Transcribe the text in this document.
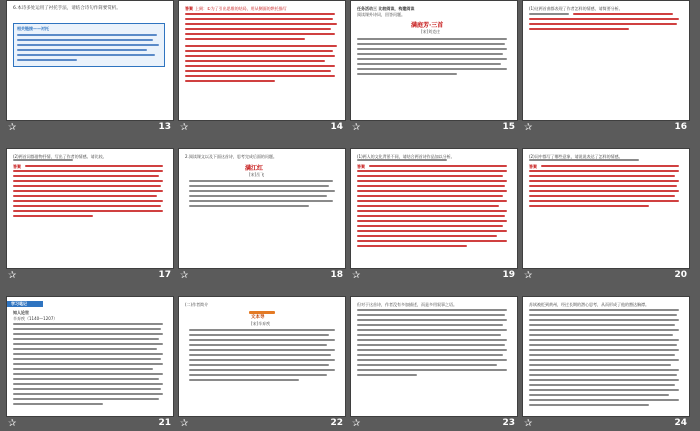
6.本诗多处运用了衬托手法，请结合诗句作简要赏析。
相关链接——衬托
✰	13
答案 上阕：①为了引出思维的结局，用从侧面的烘托描写
✰	14
任务活动三 比较阅读，构建阅读
阅读课外诗词，回答问题。
满庭芳·三首
[宋]刘克庄
✰	15
(1)这两首曲都表现了作者怎样的情感，请简要分析。
✰	16
(2)两首词都借物抒情，写出了作者的情感。请比较。
答案
✰	17
2.阅读课文以及下面这首诗，思考完成后面的问题。
满江红
[宋]岳飞
✰	18
(1)两人的文化背景不同，请结合两首诗作品加以分析。
答案
✰	19
(2)词中都写了哪些意象，请说说表达了怎样的情感。
答案
✰	20
学习笔记
知人论世
辛弃疾（1140—1207）
✰	21
(二)作者简介
文本导
[宋]辛弃疾
✰	22
但对于这首诗，作者没有多加描述，而是多用叙事之语。
✰	23
苏轼被贬到黄州，经过长期的潜心思考，从而形成了他的豁达胸襟。
✰	24
